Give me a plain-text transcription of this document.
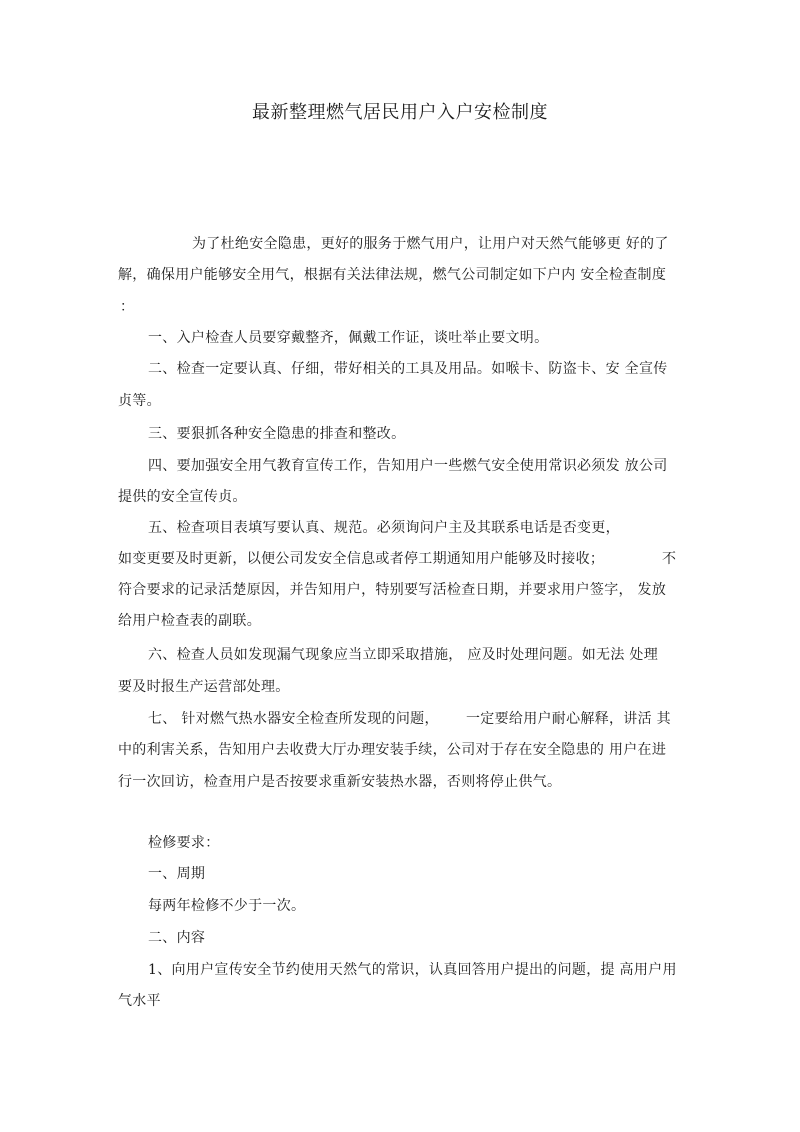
最新整理燃气居民用户入户安检制度
为了杜绝安全隐患，更好的服务于燃气用户，让用户对天然气能够更 好的了
解，确保用户能够安全用气，根据有关法律法规，燃气公司制定如下户内 安全检查制度
：
一、入户检查人员要穿戴整齐，佩戴工作证，谈吐举止要文明。
二、检查一定要认真、仔细，带好相关的工具及用品。如喉卡、防盗卡、安 全宣传
贞等。
三、要狠抓各种安全隐患的排查和整改。
四、要加强安全用气教育宣传工作，告知用户一些燃气安全使用常识必须发 放公司
提供的安全宣传贞。
五、检查项目表填写要认真、规范。必须询问户主及其联系电话是否变更，
如变更要及时更新，以便公司发安全信息或者停工期通知用户能够及时接收；	不
符合要求的记录活楚原因，并告知用户，特别要写活检查日期，并要求用户签字， 发放
给用户检查表的副联。
六、检查人员如发现漏气现象应当立即采取措施， 应及时处理问题。如无法 处理
要及时报生产运营部处理。
七、 针对燃气热水器安全检查所发现的问题， 一定要给用户耐心解释，讲活 其
中的利害关系，告知用户去收费大厅办理安装手续，公司对于存在安全隐患的 用户在进
行一次回访，检查用户是否按要求重新安装热水器，否则将停止供气。
检修要求：
一、周期
每两年检修不少于一次。
二、内容
1、向用户宣传安全节约使用天然气的常识，认真回答用户提出的问题，提 高用户用
气水平
